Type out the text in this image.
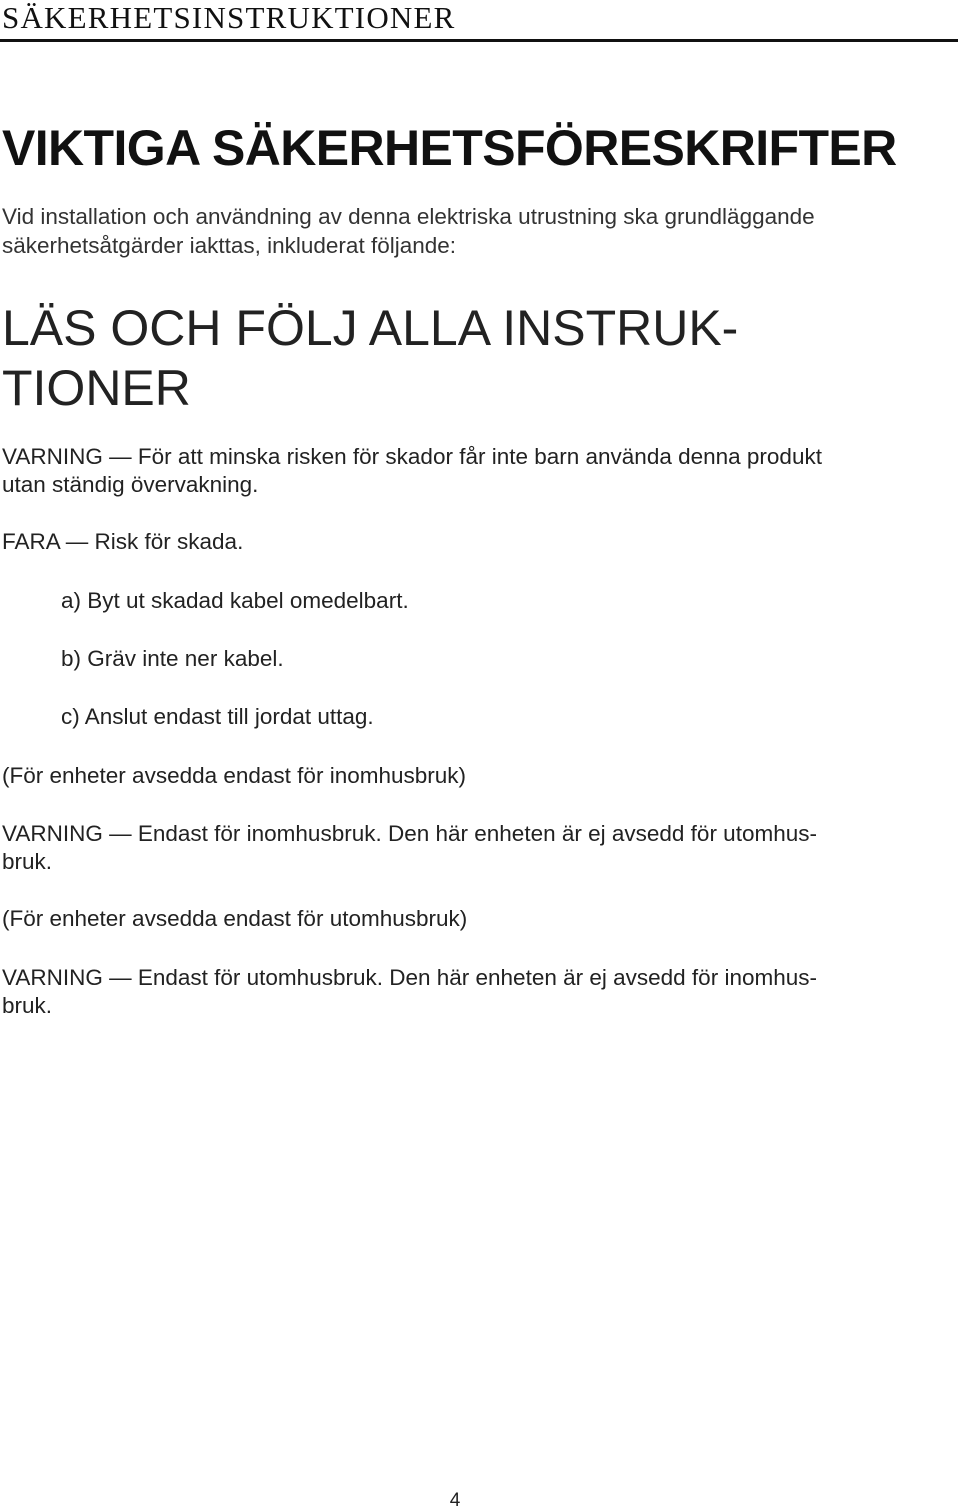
SÄKERHETSINSTRUKTIONER
VIKTIGA SÄKERHETSFÖRESKRIFTER
Vid installation och användning av denna elektriska utrustning ska grundläggande
säkerhetsåtgärder iakttas, inkluderat följande:
LÄS OCH FÖLJ ALLA INSTRUK-
TIONER
VARNING — För att minska risken för skador får inte barn använda denna produkt
utan ständig övervakning.
FARA — Risk för skada.
a) Byt ut skadad kabel omedelbart.
b) Gräv inte ner kabel.
c) Anslut endast till jordat uttag.
(För enheter avsedda endast för inomhusbruk)
VARNING — Endast för inomhusbruk. Den här enheten är ej avsedd för utomhus-
bruk.
(För enheter avsedda endast för utomhusbruk)
VARNING — Endast för utomhusbruk. Den här enheten är ej avsedd för inomhus-
bruk.
4
